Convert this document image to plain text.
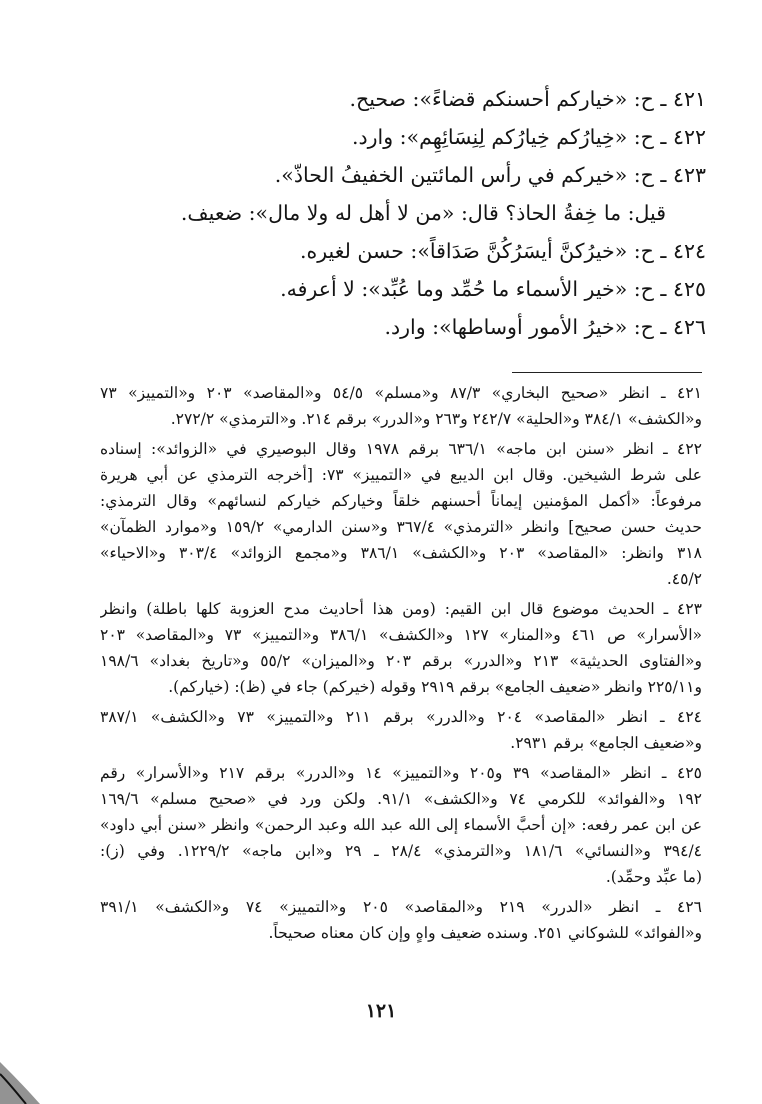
٤٢١ ـ ح: «خياركم أحسنكم قضاءً»: صحيح.
٤٢٢ ـ ح: «خِيارُكم خِيارُكم لِنِسَائِهِم»: وارد.
٤٢٣ ـ ح: «خيركم في رأس المائتين الخفيفُ الحاذّ».
قيل: ما خِفةُ الحاذ؟ قال: «من لا أهل له ولا مال»: ضعيف.
٤٢٤ ـ ح: «خيرُكنَّ أيسَرُكُنَّ صَدَاقاً»: حسن لغيره.
٤٢٥ ـ ح: «خير الأسماء ما حُمِّد وما عُبِّد»: لا أعرفه.
٤٢٦ ـ ح: «خيرُ الأمور أوساطها»: وارد.
٤٢١ ـ انظر «صحيح البخاري» ٨٧/٣ و«مسلم» ٥٤/٥ و«المقاصد» ٢٠٣ و«التمييز» ٧٣
و«الكشف» ٣٨٤/١ و«الحلية» ٢٤٢/٧ و٢٦٣ و«الدرر» برقم ٢١٤. و«الترمذي» ٢٧٢/٢.
٤٢٢ ـ انظر «سنن ابن ماجه» ٦٣٦/١ برقم ١٩٧٨ وقال البوصيري في «الزوائد»: إسناده
على شرط الشيخين. وقال ابن الديبع في «التمييز» ٧٣: [أخرجه الترمذي عن أبي هريرة
مرفوعاً: «أكمل المؤمنين إيماناً أحسنهم خلقاً وخياركم خياركم لنسائهم» وقال الترمذي:
حديث حسن صحيح] وانظر «الترمذي» ٣٦٧/٤ و«سنن الدارمي» ١٥٩/٢ و«موارد الظمآن»
٣١٨ وانظر: «المقاصد» ٢٠٣ و«الكشف» ٣٨٦/١ و«مجمع الزوائد» ٣٠٣/٤ و«الاحياء»
٤٥/٢.
٤٢٣ ـ الحديث موضوع قال ابن القيم: (ومن هذا أحاديث مدح العزوبة كلها باطلة) وانظر
«الأسرار» ص ٤٦١ و«المنار» ١٢٧ و«الكشف» ٣٨٦/١ و«التمييز» ٧٣ و«المقاصد» ٢٠٣
و«الفتاوى الحديثية» ٢١٣ و«الدرر» برقم ٢٠٣ و«الميزان» ٥٥/٢ و«تاريخ بغداد» ١٩٨/٦
و٢٢٥/١١ وانظر «ضعيف الجامع» برقم ٢٩١٩ وقوله (خيركم) جاء في (ظ): (خياركم).
٤٢٤ ـ انظر «المقاصد» ٢٠٤ و«الدرر» برقم ٢١١ و«التمييز» ٧٣ و«الكشف» ٣٨٧/١
و«ضعيف الجامع» برقم ٢٩٣١.
٤٢٥ ـ انظر «المقاصد» ٣٩ و٢٠٥ و«التمييز» ١٤ و«الدرر» برقم ٢١٧ و«الأسرار» رقم
١٩٢ و«الفوائد» للكرمي ٧٤ و«الكشف» ٩١/١. ولكن ورد في «صحيح مسلم» ١٦٩/٦
عن ابن عمر رفعه: «إن أحبَّ الأسماء إلى الله عبد الله وعبد الرحمن» وانظر «سنن أبي داود»
٣٩٤/٤ و«النسائي» ١٨١/٦ و«الترمذي» ٢٨/٤ ـ ٢٩ و«ابن ماجه» ١٢٢٩/٢. وفي (ز):
(ما عبِّد وحمِّد).
٤٢٦ ـ انظر «الدرر» ٢١٩ و«المقاصد» ٢٠٥ و«التمييز» ٧٤ و«الكشف» ٣٩١/١
و«الفوائد» للشوكاني ٢٥١. وسنده ضعيف واهٍ وإن كان معناه صحيحاً.
١٢١
